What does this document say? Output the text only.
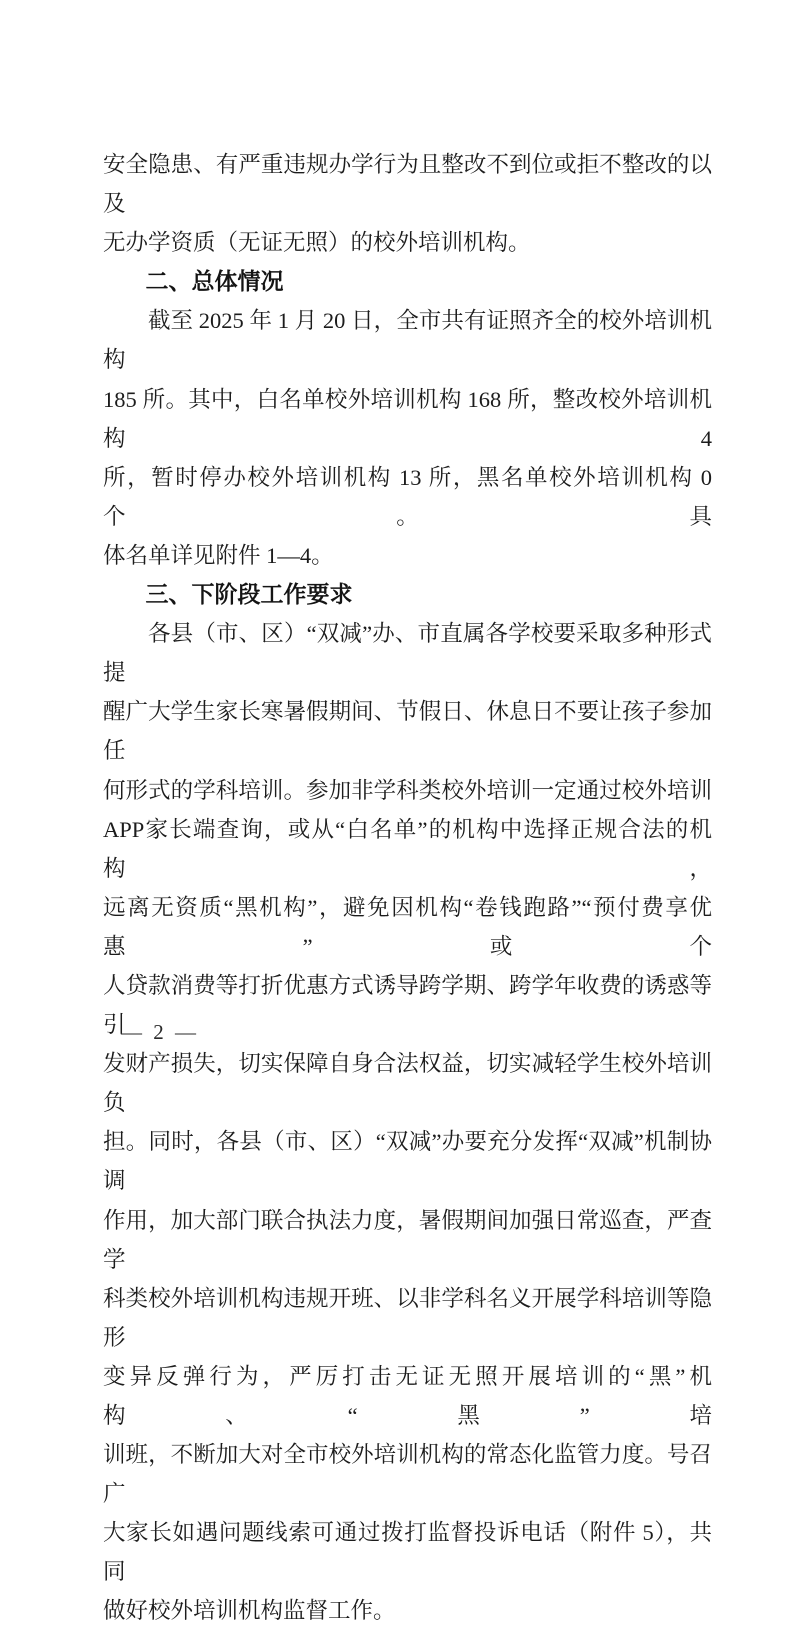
安全隐患、有严重违规办学行为且整改不到位或拒不整改的以及
无办学资质（无证无照）的校外培训机构。
二、总体情况
截至 2025 年 1 月 20 日，全市共有证照齐全的校外培训机构
185 所。其中，白名单校外培训机构 168 所，整改校外培训机构 4
所，暂时停办校外培训机构 13 所，黑名单校外培训机构 0 个。具
体名单详见附件 1—4。
三、下阶段工作要求
各县（市、区）“双减”办、市直属各学校要采取多种形式提
醒广大学生家长寒暑假期间、节假日、休息日不要让孩子参加任
何形式的学科培训。参加非学科类校外培训一定通过校外培训
APP家长端查询，或从“白名单”的机构中选择正规合法的机构，
远离无资质“黑机构”，避免因机构“卷钱跑路”“预付费享优惠”或个
人贷款消费等打折优惠方式诱导跨学期、跨学年收费的诱惑等引
发财产损失，切实保障自身合法权益，切实减轻学生校外培训负
担。同时，各县（市、区）“双减”办要充分发挥“双减”机制协调
作用，加大部门联合执法力度，暑假期间加强日常巡查，严查学
科类校外培训机构违规开班、以非学科名义开展学科培训等隐形
变异反弹行为，严厉打击无证无照开展培训的“黑”机构、“黑”培
训班，不断加大对全市校外培训机构的常态化监管力度。号召广
大家长如遇问题线索可通过拨打监督投诉电话（附件 5），共同
做好校外培训机构监督工作。
— 2 —
